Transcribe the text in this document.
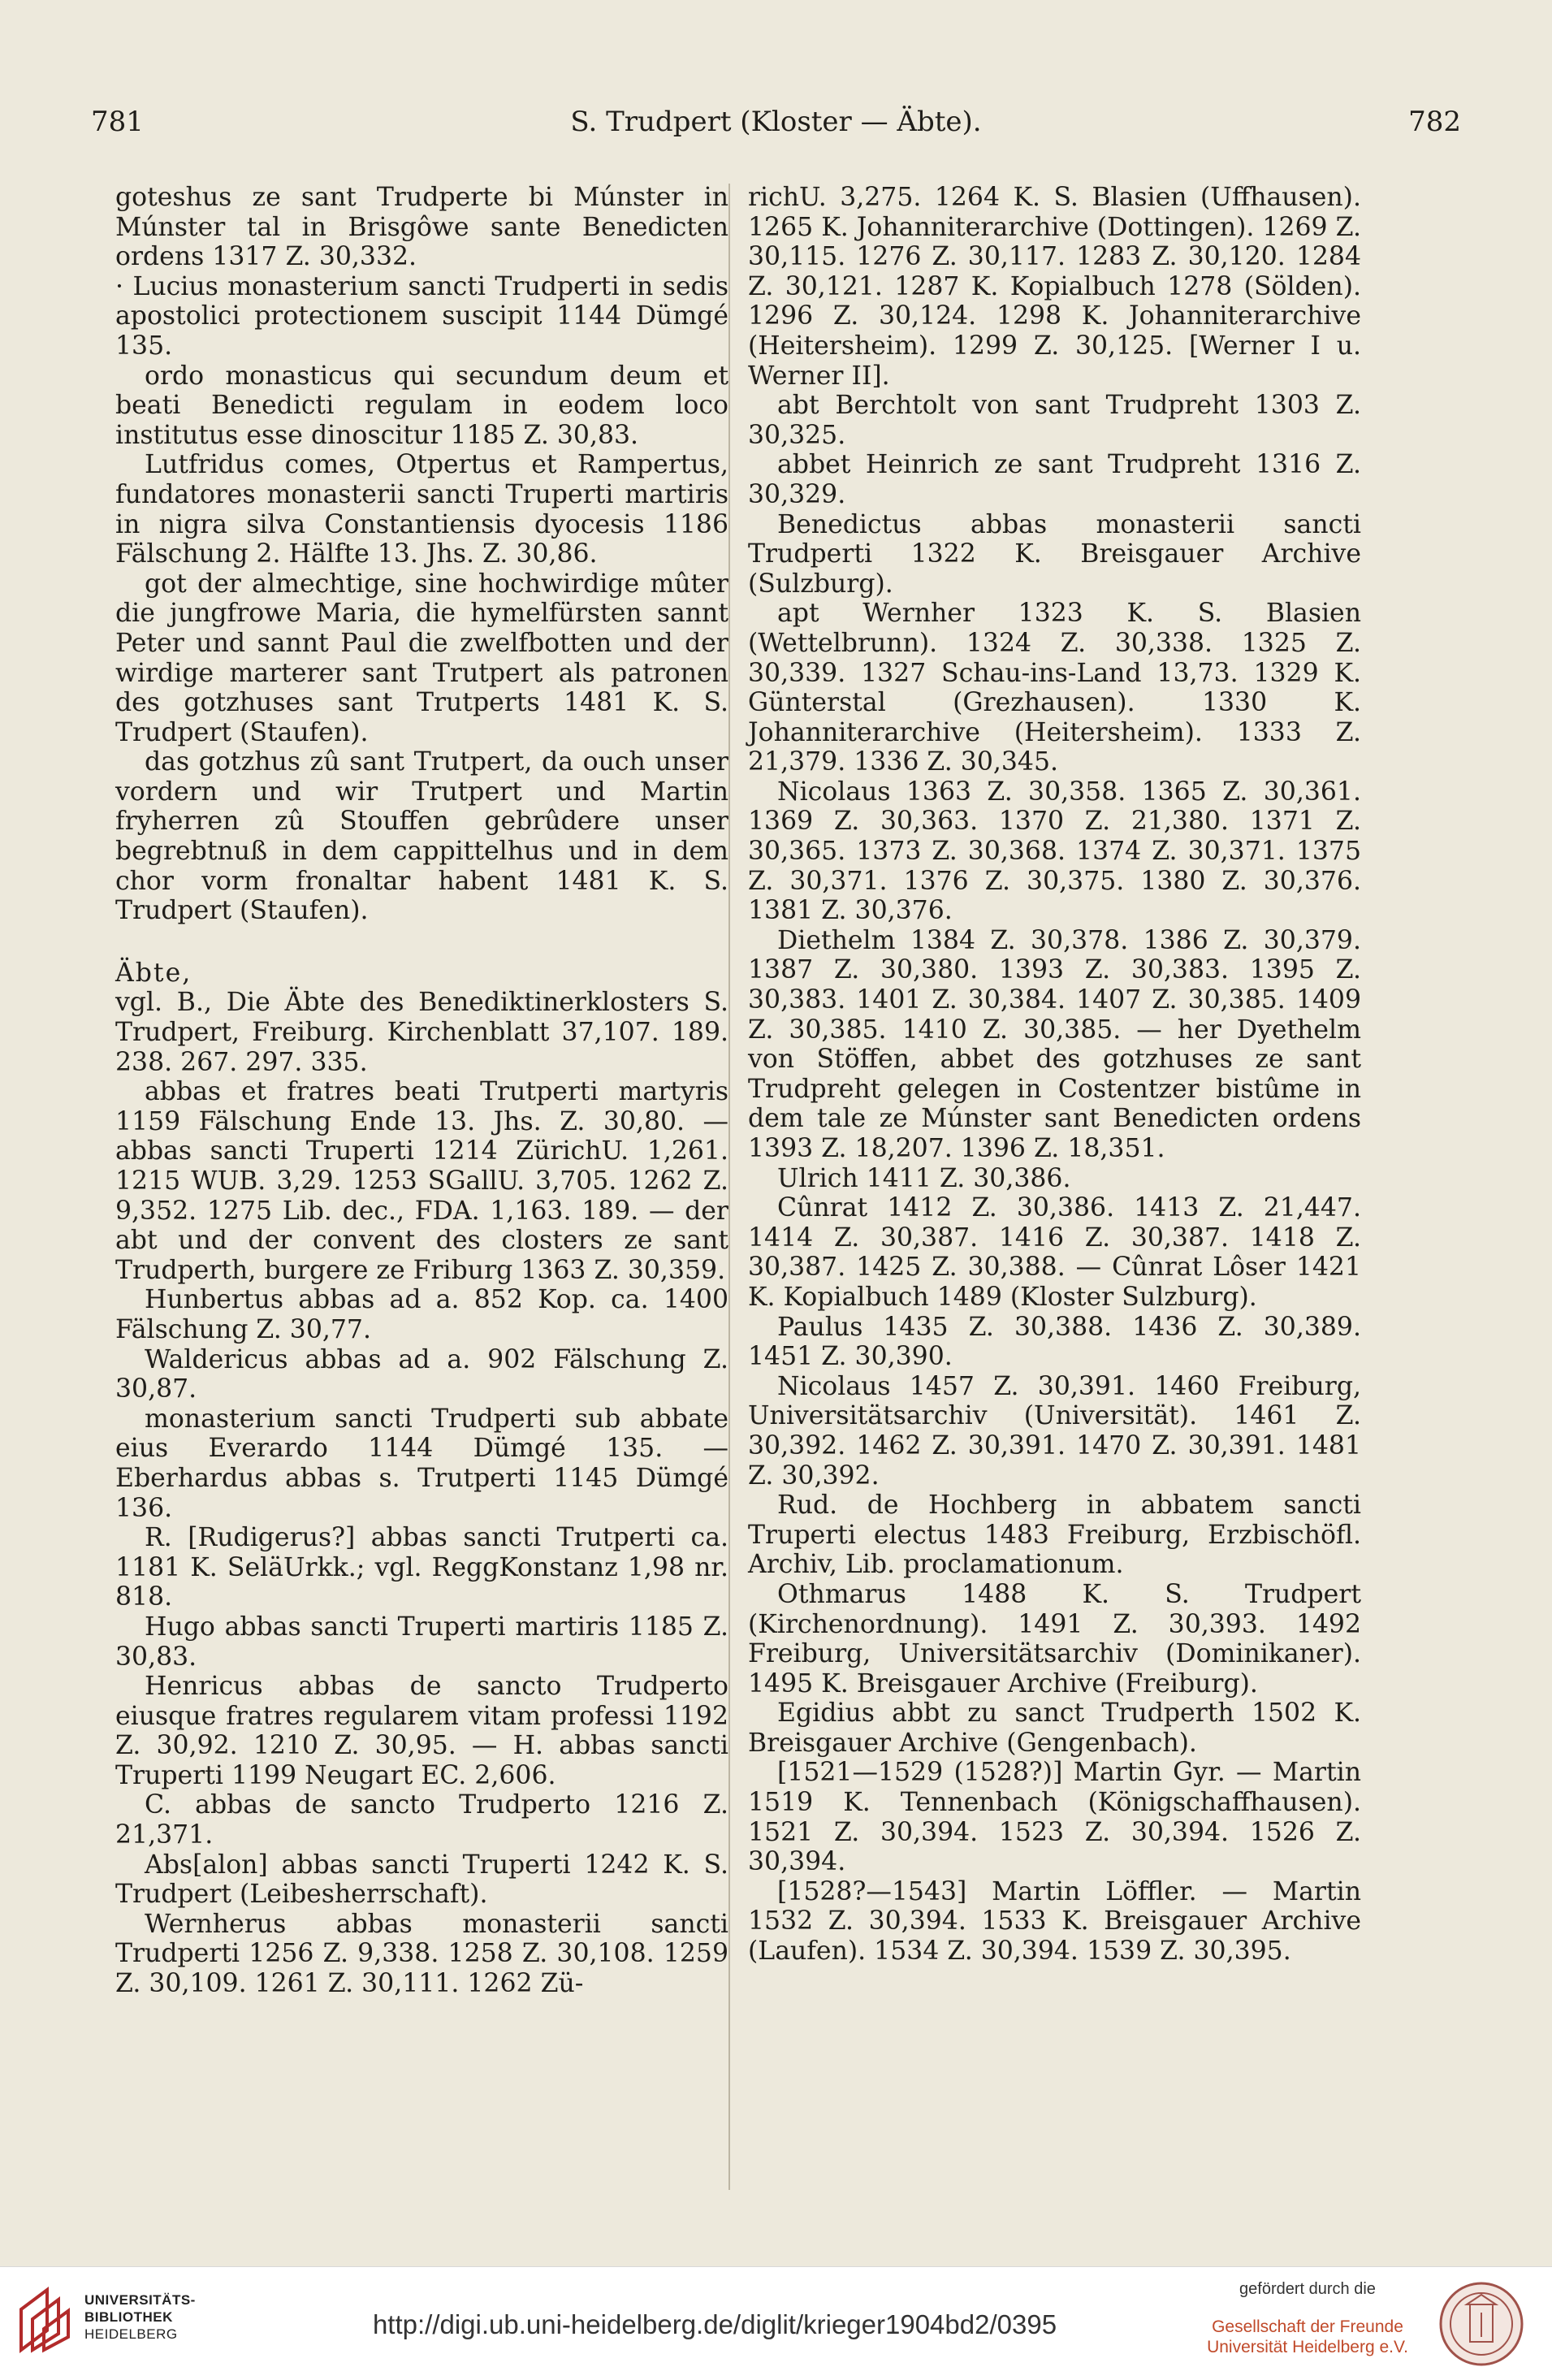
781	S. Trudpert (Kloster — Äbte).	782

goteshus ze sant Trudperte bi Múnster in Múnster tal in Brisgôwe sante Benedicten ordens 1317 Z. 30,332.

· Lucius monasterium sancti Trudperti in sedis apostolici protectionem suscipit 1144 Dümgé 135.

ordo monasticus qui secundum deum et beati Benedicti regulam in eodem loco institutus esse dinoscitur 1185 Z. 30,83.

Lutfridus comes, Otpertus et Rampertus, fundatores monasterii sancti Truperti martiris in nigra silva Constantiensis dyocesis 1186 Fälschung 2. Hälfte 13. Jhs. Z. 30,86.

got der almechtige, sine hochwirdige mûter die jungfrowe Maria, die hymelfürsten sannt Peter und sannt Paul die zwelfbotten und der wirdige marterer sant Trutpert als patronen des gotzhuses sant Trutperts 1481 K. S. Trudpert (Staufen).

das gotzhus zû sant Trutpert, da ouch unser vordern und wir Trutpert und Martin fryherren zû Stouffen gebrûdere unser begrebtnuß in dem cappittelhus und in dem chor vorm fronaltar habent 1481 K. S. Trudpert (Staufen).

Äbte,

vgl. B., Die Äbte des Benediktinerklosters S. Trudpert, Freiburg. Kirchenblatt 37,107. 189. 238. 267. 297. 335.

abbas et fratres beati Trutperti martyris 1159 Fälschung Ende 13. Jhs. Z. 30,80. — abbas sancti Truperti 1214 ZürichU. 1,261. 1215 WUB. 3,29. 1253 SGallU. 3,705. 1262 Z. 9,352. 1275 Lib. dec., FDA. 1,163. 189. — der abt und der convent des closters ze sant Trudperth, burgere ze Friburg 1363 Z. 30,359.

Hunbertus abbas ad a. 852 Kop. ca. 1400 Fälschung Z. 30,77.

Waldericus abbas ad a. 902 Fälschung Z. 30,87.

monasterium sancti Trudperti sub abbate eius Everardo 1144 Dümgé 135. — Eberhardus abbas s. Trutperti 1145 Dümgé 136.

R. [Rudigerus?] abbas sancti Trutperti ca. 1181 K. SeläUrkk.; vgl. ReggKonstanz 1,98 nr. 818.

Hugo abbas sancti Truperti martiris 1185 Z. 30,83.

Henricus abbas de sancto Trudperto eiusque fratres regularem vitam professi 1192 Z. 30,92. 1210 Z. 30,95. — H. abbas sancti Truperti 1199 Neugart EC. 2,606.

C. abbas de sancto Trudperto 1216 Z. 21,371.

Abs[alon] abbas sancti Truperti 1242 K. S. Trudpert (Leibesherrschaft).

Wernherus abbas monasterii sancti Trudperti 1256 Z. 9,338. 1258 Z. 30,108. 1259 Z. 30,109. 1261 Z. 30,111. 1262 Zü-

richU. 3,275. 1264 K. S. Blasien (Uffhausen). 1265 K. Johanniterarchive (Dottingen). 1269 Z. 30,115. 1276 Z. 30,117. 1283 Z. 30,120. 1284 Z. 30,121. 1287 K. Kopialbuch 1278 (Sölden). 1296 Z. 30,124. 1298 K. Johanniterarchive (Heitersheim). 1299 Z. 30,125. [Werner I u. Werner II].

abt Berchtolt von sant Trudpreht 1303 Z. 30,325.

abbet Heinrich ze sant Trudpreht 1316 Z. 30,329.

Benedictus abbas monasterii sancti Trudperti 1322 K. Breisgauer Archive (Sulzburg).

apt Wernher 1323 K. S. Blasien (Wettelbrunn). 1324 Z. 30,338. 1325 Z. 30,339. 1327 Schau-ins-Land 13,73. 1329 K. Günterstal (Grezhausen). 1330 K. Johanniterarchive (Heitersheim). 1333 Z. 21,379. 1336 Z. 30,345.

Nicolaus 1363 Z. 30,358. 1365 Z. 30,361. 1369 Z. 30,363. 1370 Z. 21,380. 1371 Z. 30,365. 1373 Z. 30,368. 1374 Z. 30,371. 1375 Z. 30,371. 1376 Z. 30,375. 1380 Z. 30,376. 1381 Z. 30,376.

Diethelm 1384 Z. 30,378. 1386 Z. 30,379. 1387 Z. 30,380. 1393 Z. 30,383. 1395 Z. 30,383. 1401 Z. 30,384. 1407 Z. 30,385. 1409 Z. 30,385. 1410 Z. 30,385. — her Dyethelm von Stöffen, abbet des gotzhuses ze sant Trudpreht gelegen in Costentzer bistûme in dem tale ze Múnster sant Benedicten ordens 1393 Z. 18,207. 1396 Z. 18,351.

Ulrich 1411 Z. 30,386.

Cûnrat 1412 Z. 30,386. 1413 Z. 21,447. 1414 Z. 30,387. 1416 Z. 30,387. 1418 Z. 30,387. 1425 Z. 30,388. — Cûnrat Lôser 1421 K. Kopialbuch 1489 (Kloster Sulzburg).

Paulus 1435 Z. 30,388. 1436 Z. 30,389. 1451 Z. 30,390.

Nicolaus 1457 Z. 30,391. 1460 Freiburg, Universitätsarchiv (Universität). 1461 Z. 30,392. 1462 Z. 30,391. 1470 Z. 30,391. 1481 Z. 30,392.

Rud. de Hochberg in abbatem sancti Truperti electus 1483 Freiburg, Erzbischöfl. Archiv, Lib. proclamationum.

Othmarus 1488 K. S. Trudpert (Kirchenordnung). 1491 Z. 30,393. 1492 Freiburg, Universitätsarchiv (Dominikaner). 1495 K. Breisgauer Archive (Freiburg).

Egidius abbt zu sanct Trudperth 1502 K. Breisgauer Archive (Gengenbach).

[1521—1529 (1528?)] Martin Gyr. — Martin 1519 K. Tennenbach (Königschaffhausen). 1521 Z. 30,394. 1523 Z. 30,394. 1526 Z. 30,394.

[1528?—1543] Martin Löffler. — Martin 1532 Z. 30,394. 1533 K. Breisgauer Archive (Laufen). 1534 Z. 30,394. 1539 Z. 30,395.

UNIVERSITÄTS-
BIBLIOTHEK
HEIDELBERG	http://digi.ub.uni-heidelberg.de/diglit/krieger1904bd2/0395
gefördert durch die
Gesellschaft der Freunde
Universität Heidelberg e.V.
